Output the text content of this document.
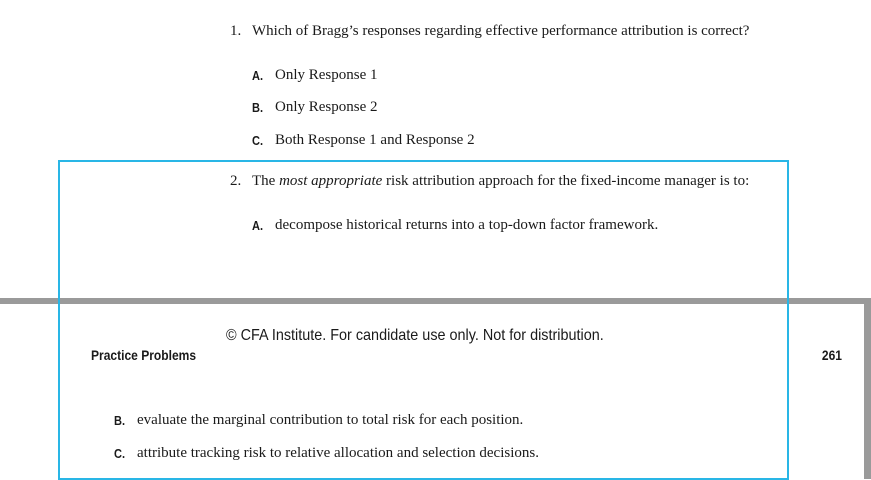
1. Which of Bragg’s responses regarding effective performance attribution is correct?
A. Only Response 1
B. Only Response 2
C. Both Response 1 and Response 2
2. The most appropriate risk attribution approach for the fixed-income manager is to:
A. decompose historical returns into a top-down factor framework.
© CFA Institute. For candidate use only. Not for distribution.
Practice Problems	261
B. evaluate the marginal contribution to total risk for each position.
C. attribute tracking risk to relative allocation and selection decisions.
